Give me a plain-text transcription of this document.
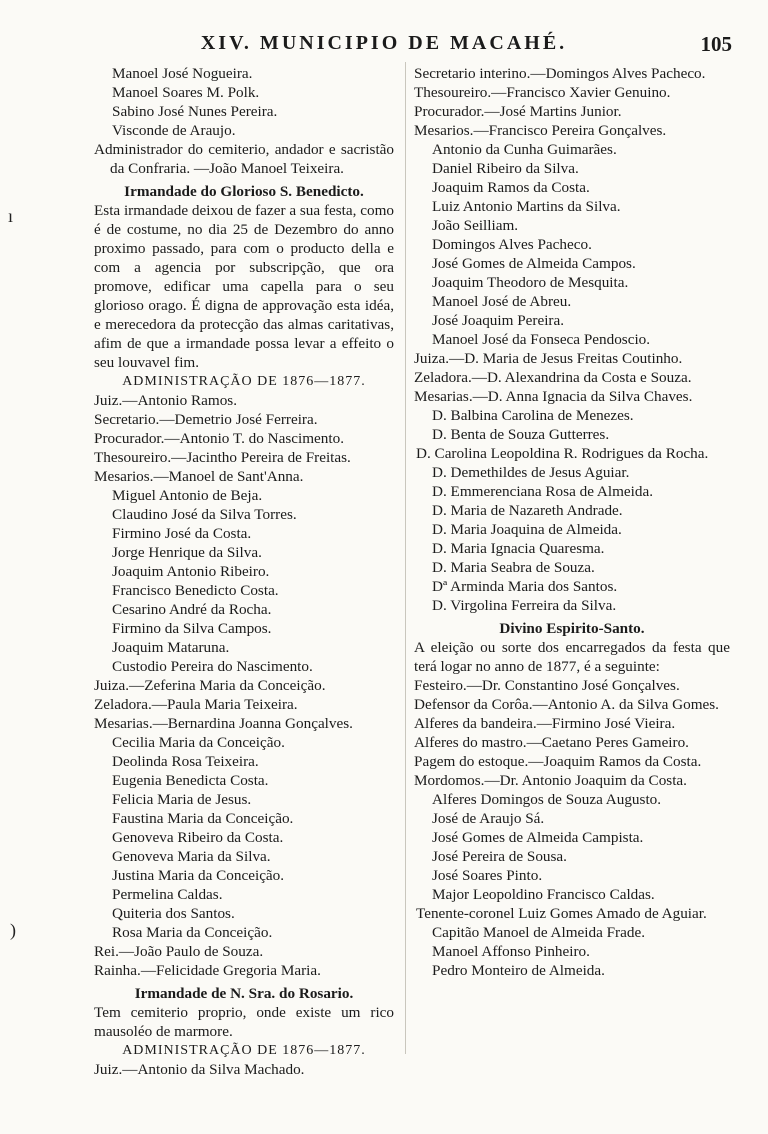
XIV. MUNICIPIO DE MACAHÉ.	105
Manoel José Nogueira.
Manoel Soares M. Polk.
Sabino José Nunes Pereira.
Visconde de Araujo.
Administrador do cemiterio, andador e sacristão da Confraria. —João Manoel Teixeira.
Irmandade do Glorioso S. Benedicto.
Esta irmandade deixou de fazer a sua festa, como é de costume, no dia 25 de Dezembro do anno proximo passado, para com o producto della e com a agencia por subscripção, que ora promove, edificar uma capella para o seu glorioso orago. É digna de approvação esta idéa, e merecedora da protecção das almas caritativas, afim de que a irmandade possa levar a effeito o seu louvavel fim.
ADMINISTRAÇÃO DE 1876—1877.
Juiz.—Antonio Ramos.
Secretario.—Demetrio José Ferreira.
Procurador.—Antonio T. do Nascimento.
Thesoureiro.—Jacintho Pereira de Freitas.
Mesarios.—Manoel de Sant'Anna.
Miguel Antonio de Beja.
Claudino José da Silva Torres.
Firmino José da Costa.
Jorge Henrique da Silva.
Joaquim Antonio Ribeiro.
Francisco Benedicto Costa.
Cesarino André da Rocha.
Firmino da Silva Campos.
Joaquim Mataruna.
Custodio Pereira do Nascimento.
Juiza.—Zeferina Maria da Conceição.
Zeladora.—Paula Maria Teixeira.
Mesarias.—Bernardina Joanna Gonçalves.
Cecilia Maria da Conceição.
Deolinda Rosa Teixeira.
Eugenia Benedicta Costa.
Felicia Maria de Jesus.
Faustina Maria da Conceição.
Genoveva Ribeiro da Costa.
Genoveva Maria da Silva.
Justina Maria da Conceição.
Permelina Caldas.
Quiteria dos Santos.
Rosa Maria da Conceição.
Rei.—João Paulo de Souza.
Rainha.—Felicidade Gregoria Maria.
Irmandade de N. Sra. do Rosario.
Tem cemiterio proprio, onde existe um rico mausoléo de marmore.
ADMINISTRAÇÃO DE 1876—1877.
Juiz.—Antonio da Silva Machado.
Secretario interino.—Domingos Alves Pacheco.
Thesoureiro.—Francisco Xavier Genuino.
Procurador.—José Martins Junior.
Mesarios.—Francisco Pereira Gonçalves.
Antonio da Cunha Guimarães.
Daniel Ribeiro da Silva.
Joaquim Ramos da Costa.
Luiz Antonio Martins da Silva.
João Seilliam.
Domingos Alves Pacheco.
José Gomes de Almeida Campos.
Joaquim Theodoro de Mesquita.
Manoel José de Abreu.
José Joaquim Pereira.
Manoel José da Fonseca Pendoscio.
Juiza.—D. Maria de Jesus Freitas Coutinho.
Zeladora.—D. Alexandrina da Costa e Souza.
Mesarias.—D. Anna Ignacia da Silva Chaves.
D. Balbina Carolina de Menezes.
D. Benta de Souza Gutterres.
D. Carolina Leopoldina R. Rodrigues da Rocha.
D. Demethildes de Jesus Aguiar.
D. Emmerenciana Rosa de Almeida.
D. Maria de Nazareth Andrade.
D. Maria Joaquina de Almeida.
D. Maria Ignacia Quaresma.
D. Maria Seabra de Souza.
Dª Arminda Maria dos Santos.
D. Virgolina Ferreira da Silva.
Divino Espirito-Santo.
A eleição ou sorte dos encarregados da festa que terá logar no anno de 1877, é a seguinte:
Festeiro.—Dr. Constantino José Gonçalves.
Defensor da Corôa.—Antonio A. da Silva Gomes.
Alferes da bandeira.—Firmino José Vieira.
Alferes do mastro.—Caetano Peres Gameiro.
Pagem do estoque.—Joaquim Ramos da Costa.
Mordomos.—Dr. Antonio Joaquim da Costa.
Alferes Domingos de Souza Augusto.
José de Araujo Sá.
José Gomes de Almeida Campista.
José Pereira de Sousa.
José Soares Pinto.
Major Leopoldino Francisco Caldas.
Tenente-coronel Luiz Gomes Amado de Aguiar.
Capitão Manoel de Almeida Frade.
Manoel Affonso Pinheiro.
Pedro Monteiro de Almeida.
ı
)
